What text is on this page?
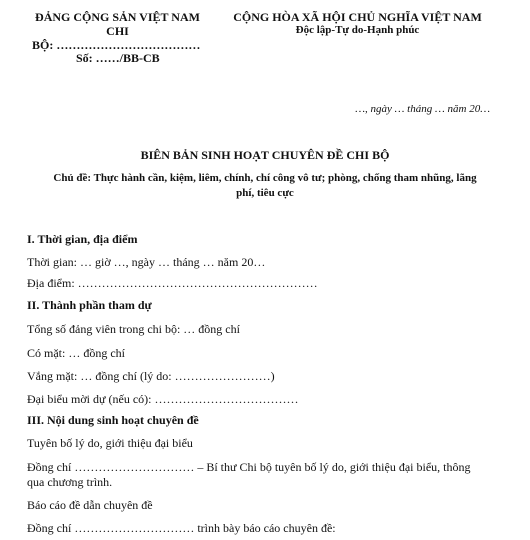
ĐẢNG CỘNG SẢN VIỆT NAM
CHI
BỘ: ………………………………
Số: ……/BB-CB
CỘNG HÒA XÃ HỘI CHỦ NGHĨA VIỆT NAM
Độc lập-Tự do-Hạnh phúc
…, ngày … tháng … năm 20…
BIÊN BẢN SINH HOẠT CHUYÊN ĐỀ CHI BỘ
Chủ đề: Thực hành cần, kiệm, liêm, chính, chí công vô tư; phòng, chống tham nhũng, lãng
phí, tiêu cực
I. Thời gian, địa điểm
Thời gian: … giờ …, ngày … tháng … năm 20…
Địa điểm: ……………………………………………………
II. Thành phần tham dự
Tổng số đảng viên trong chi bộ: … đồng chí
Có mặt: … đồng chí
Vắng mặt: … đồng chí (lý do: ……………………)
Đại biểu mời dự (nếu có): ………………………………
III. Nội dung sinh hoạt chuyên đề
Tuyên bố lý do, giới thiệu đại biểu
Đồng chí ………………………… – Bí thư Chi bộ tuyên bố lý do, giới thiệu đại biểu, thông
qua chương trình.
Báo cáo đề dẫn chuyên đề
Đồng chí ………………………… trình bày báo cáo chuyên đề:
